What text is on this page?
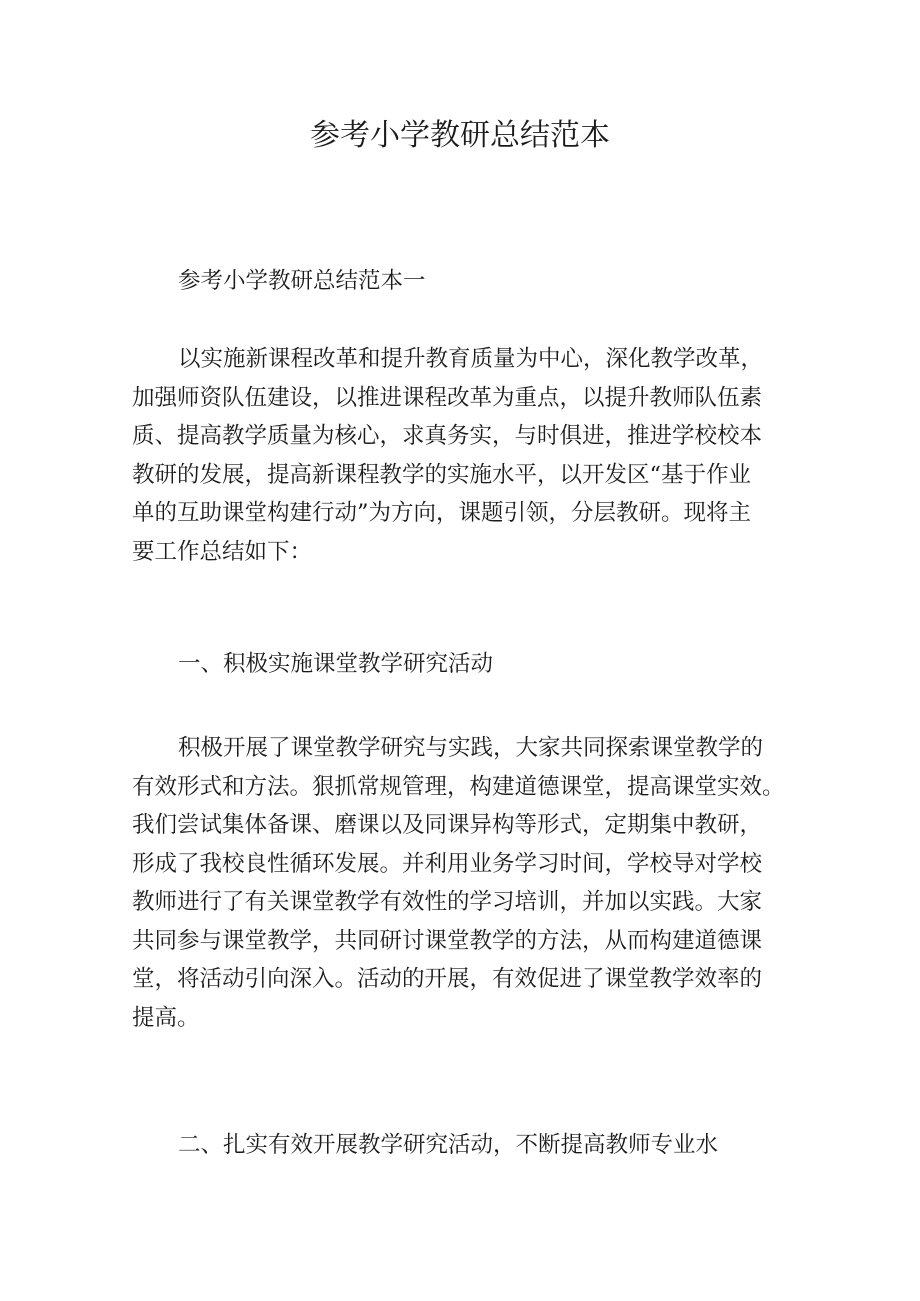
参考小学教研总结范本

参考小学教研总结范本一

以实施新课程改革和提升教育质量为中心，深化教学改革，
加强师资队伍建设，以推进课程改革为重点，以提升教师队伍素
质、提高教学质量为核心，求真务实，与时俱进，推进学校校本
教研的发展，提高新课程教学的实施水平，以开发区“基于作业
单的互助课堂构建行动”为方向，课题引领，分层教研。现将主
要工作总结如下：

一、积极实施课堂教学研究活动

积极开展了课堂教学研究与实践，大家共同探索课堂教学的
有效形式和方法。狠抓常规管理，构建道德课堂，提高课堂实效。
我们尝试集体备课、磨课以及同课异构等形式，定期集中教研，
形成了我校良性循环发展。并利用业务学习时间，学校导对学校
教师进行了有关课堂教学有效性的学习培训，并加以实践。大家
共同参与课堂教学，共同研讨课堂教学的方法，从而构建道德课
堂，将活动引向深入。活动的开展，有效促进了课堂教学效率的
提高。

二、扎实有效开展教学研究活动，不断提高教师专业水
